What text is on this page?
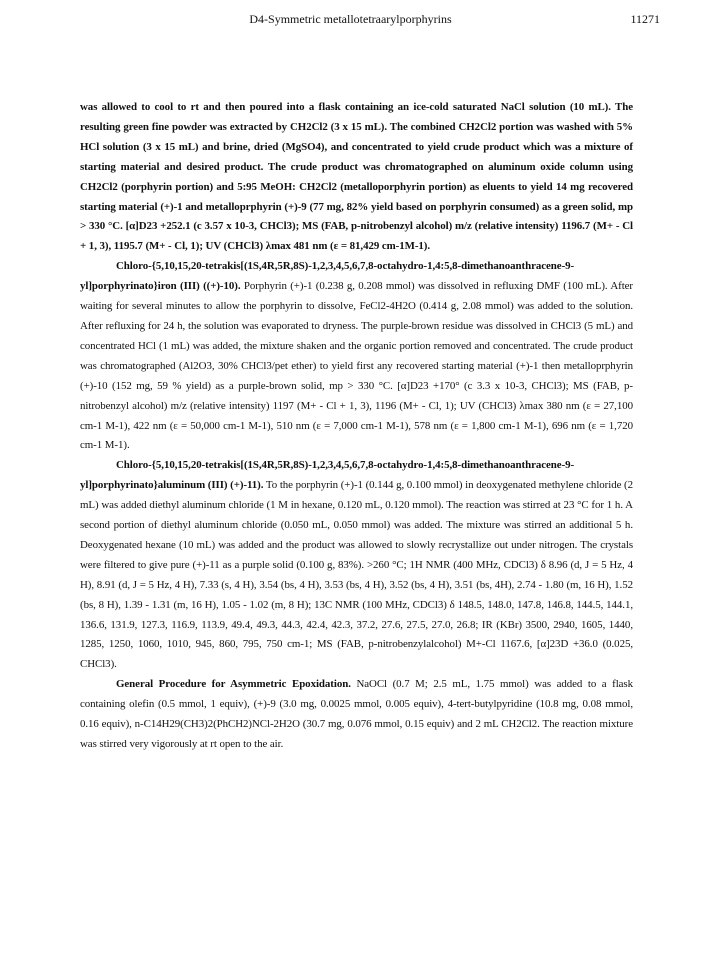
D4-Symmetric metallotetraarylporphyrins	11271

was allowed to cool to rt and then poured into a flask containing an ice-cold saturated NaCl solution (10 mL). The resulting green fine powder was extracted by CH2Cl2 (3 x 15 mL). The combined CH2Cl2 portion was washed with 5% HCl solution (3 x 15 mL) and brine, dried (MgSO4), and concentrated to yield crude product which was a mixture of starting material and desired product. The crude product was chromatographed on aluminum oxide column using CH2Cl2 (porphyrin portion) and 5:95 MeOH: CH2Cl2 (metalloporphyrin portion) as eluents to yield 14 mg recovered starting material (+)-1 and metalloprphyrin (+)-9 (77 mg, 82% yield based on porphyrin consumed) as a green solid, mp > 330 °C. [α]D23 +252.1 (c 3.57 x 10-3, CHCl3); MS (FAB, p-nitrobenzyl alcohol) m/z (relative intensity) 1196.7 (M+ - Cl + 1, 3), 1195.7 (M+ - Cl, 1); UV (CHCl3) λmax 481 nm (ε = 81,429 cm-1M-1).

Chloro-{5,10,15,20-tetrakis[(1S,4R,5R,8S)-1,2,3,4,5,6,7,8-octahydro-1,4:5,8-dimethanoanthracene-9-yl]porphyrinato}iron (III) ((+)-10). Porphyrin (+)-1 (0.238 g, 0.208 mmol) was dissolved in refluxing DMF (100 mL). After waiting for several minutes to allow the porphyrin to dissolve, FeCl2-4H2O (0.414 g, 2.08 mmol) was added to the solution. After refluxing for 24 h, the solution was evaporated to dryness. The purple-brown residue was dissolved in CHCl3 (5 mL) and concentrated HCl (1 mL) was added, the mixture shaken and the organic portion removed and concentrated. The crude product was chromatographed (Al2O3, 30% CHCl3/pet ether) to yield first any recovered starting material (+)-1 then metalloprphyrin (+)-10 (152 mg, 59 % yield) as a purple-brown solid, mp > 330 °C. [α]D23 +170° (c 3.3 x 10-3, CHCl3); MS (FAB, p-nitrobenzyl alcohol) m/z (relative intensity) 1197 (M+ - Cl + 1, 3), 1196 (M+ - Cl, 1); UV (CHCl3) λmax 380 nm (ε = 27,100 cm-1 M-1), 422 nm (ε = 50,000 cm-1 M-1), 510 nm (ε = 7,000 cm-1 M-1), 578 nm (ε = 1,800 cm-1 M-1), 696 nm (ε = 1,720 cm-1 M-1).

Chloro-{5,10,15,20-tetrakis[(1S,4R,5R,8S)-1,2,3,4,5,6,7,8-octahydro-1,4:5,8-dimethanoanthracene-9-yl]porphyrinato}aluminum (III) (+)-11). To the porphyrin (+)-1 (0.144 g, 0.100 mmol) in deoxygenated methylene chloride (2 mL) was added diethyl aluminum chloride (1 M in hexane, 0.120 mL, 0.120 mmol). The reaction was stirred at 23 °C for 1 h. A second portion of diethyl aluminum chloride (0.050 mL, 0.050 mmol) was added. The mixture was stirred an additional 5 h. Deoxygenated hexane (10 mL) was added and the product was allowed to slowly recrystallize out under nitrogen. The crystals were filtered to give pure (+)-11 as a purple solid (0.100 g, 83%). >260 °C; 1H NMR (400 MHz, CDCl3) δ 8.96 (d, J = 5 Hz, 4 H), 8.91 (d, J = 5 Hz, 4 H), 7.33 (s, 4 H), 3.54 (bs, 4 H), 3.53 (bs, 4 H), 3.52 (bs, 4 H), 3.51 (bs, 4H), 2.74 - 1.80 (m, 16 H), 1.52 (bs, 8 H), 1.39 - 1.31 (m, 16 H), 1.05 - 1.02 (m, 8 H); 13C NMR (100 MHz, CDCl3) δ 148.5, 148.0, 147.8, 146.8, 144.5, 144.1, 136.6, 131.9, 127.3, 116.9, 113.9, 49.4, 49.3, 44.3, 42.4, 42.3, 37.2, 27.6, 27.5, 27.0, 26.8; IR (KBr) 3500, 2940, 1605, 1440, 1285, 1250, 1060, 1010, 945, 860, 795, 750 cm-1; MS (FAB, p-nitrobenzylalcohol) M+-Cl 1167.6, [α]23D +36.0 (0.025, CHCl3).

General Procedure for Asymmetric Epoxidation. NaOCl (0.7 M; 2.5 mL, 1.75 mmol) was added to a flask containing olefin (0.5 mmol, 1 equiv), (+)-9 (3.0 mg, 0.0025 mmol, 0.005 equiv), 4-tert-butylpyridine (10.8 mg, 0.08 mmol, 0.16 equiv), n-C14H29(CH3)2(PhCH2)NCl-2H2O (30.7 mg, 0.076 mmol, 0.15 equiv) and 2 mL CH2Cl2. The reaction mixture was stirred very vigorously at rt open to the air.
